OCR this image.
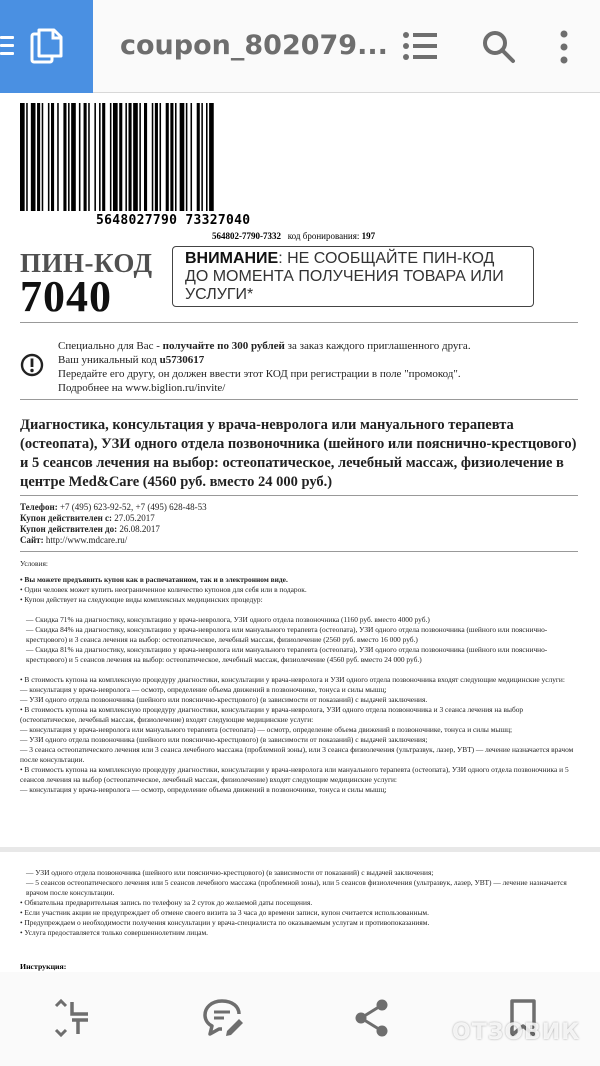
coupon_802079...
5648027790 73327040
564802-7790-7332 код бронирования: 197
ПИН-КОД
7040
ВНИМАНИЕ: НЕ СООБЩАЙТЕ ПИН-КОД ДО МОМЕНТА ПОЛУЧЕНИЯ ТОВАРА ИЛИ УСЛУГИ*
Специально для Вас - получайте по 300 рублей за заказ каждого приглашенного друга.
Ваш уникальный код u5730617
Передайте его другу, он должен ввести этот КОД при регистрации в поле "промокод".
Подробнее на www.biglion.ru/invite/
Диагностика, консультация у врача-невролога или мануального терапевта (остеопата), УЗИ одного отдела позвоночника (шейного или пояснично-крестцового) и 5 сеансов лечения на выбор: остеопатическое, лечебный массаж, физиолечение в центре Med&Care (4560 руб. вместо 24 000 руб.)
Телефон: +7 (495) 623-92-52, +7 (495) 628-48-53
Купон действителен с: 27.05.2017
Купон действителен до: 26.08.2017
Сайт: http://www.mdcare.ru/

Условия:

• Вы можете предъявить купон как в распечатанном, так и в электронном виде.

• Один человек может купить неограниченное количество купонов для себя или в подарок.

• Купон действует на следующие виды комплексных медицинских процедур:

— Скидка 71% на диагностику, консультацию у врача-невролога, УЗИ одного отдела позвоночника (1160 руб. вместо 4000 руб.)

— Скидка 84% на диагностику, консультацию у врача-невролога или мануального терапевта (остеопата), УЗИ одного отдела позвоночника (шейного или пояснично-крестцового) и 3 сеанса лечения на выбор: остеопатическое, лечебный массаж, физиолечение (2560 руб. вместо 16 000 руб.)

— Скидка 81% на диагностику, консультацию у врача-невролога или мануального терапевта (остеопата), УЗИ одного отдела позвоночника (шейного или пояснично-крестцового) и 5 сеансов лечения на выбор: остеопатическое, лечебный массаж, физиолечение (4560 руб. вместо 24 000 руб.)

• В стоимость купона на комплексную процедуру диагностики, консультации у врача-невролога и УЗИ одного отдела позвоночника входят следующие медицинские услуги:

— консультация у врача-невролога — осмотр, определение объема движений в позвоночнике, тонуса и силы мышц;

— УЗИ одного отдела позвоночника (шейного или пояснично-крестцового) (в зависимости от показаний) с выдачей заключения.

• В стоимость купона на комплексную процедуру диагностики, консультации у врача-невролога, УЗИ одного отдела позвоночника и 3 сеанса лечения на выбор (остеопатическое, лечебный массаж, физиолечение) входят следующие медицинские услуги:

— консультация у врача-невролога или мануального терапевта (остеопата) — осмотр, определение объема движений в позвоночнике, тонуса и силы мышц;

— УЗИ одного отдела позвоночника (шейного или пояснично-крестцового) (в зависимости от показаний) с выдачей заключения;

— 3 сеанса остеопатического лечения или 3 сеанса лечебного массажа (проблемной зоны), или 3 сеанса физиолечения (ультразвук, лазер, УВТ) — лечение назначается врачом после консультации.

• В стоимость купона на комплексную процедуру диагностики, консультации у врача-невролога или мануального терапевта (остеопата), УЗИ одного отдела позвоночника и 5 сеансов лечения на выбор (остеопатическое, лечебный массаж, физиолечение) входят следующие медицинские услуги:

— консультация у врача-невролога — осмотр, определение объема движений в позвоночнике, тонуса и силы мышц;

— УЗИ одного отдела позвоночника (шейного или пояснично-крестцового) (в зависимости от показаний) с выдачей заключения;

— 5 сеансов остеопатического лечения или 5 сеансов лечебного массажа (проблемной зоны), или 5 сеансов физиолечения (ультразвук, лазер, УВТ) — лечение назначается врачом после консультации.

• Обязательна предварительная запись по телефону за 2 суток до желаемой даты посещения.

• Если участник акции не предупреждает об отмене своего визита за 3 часа до времени записи, купон считается использованным.

• Предупреждаем о необходимости получения консультации у врача-специалиста по оказываемым услугам и противопоказаниям.

• Услуга предоставляется только совершеннолетним лицам.

Инструкция:
ОТЗОВИК
